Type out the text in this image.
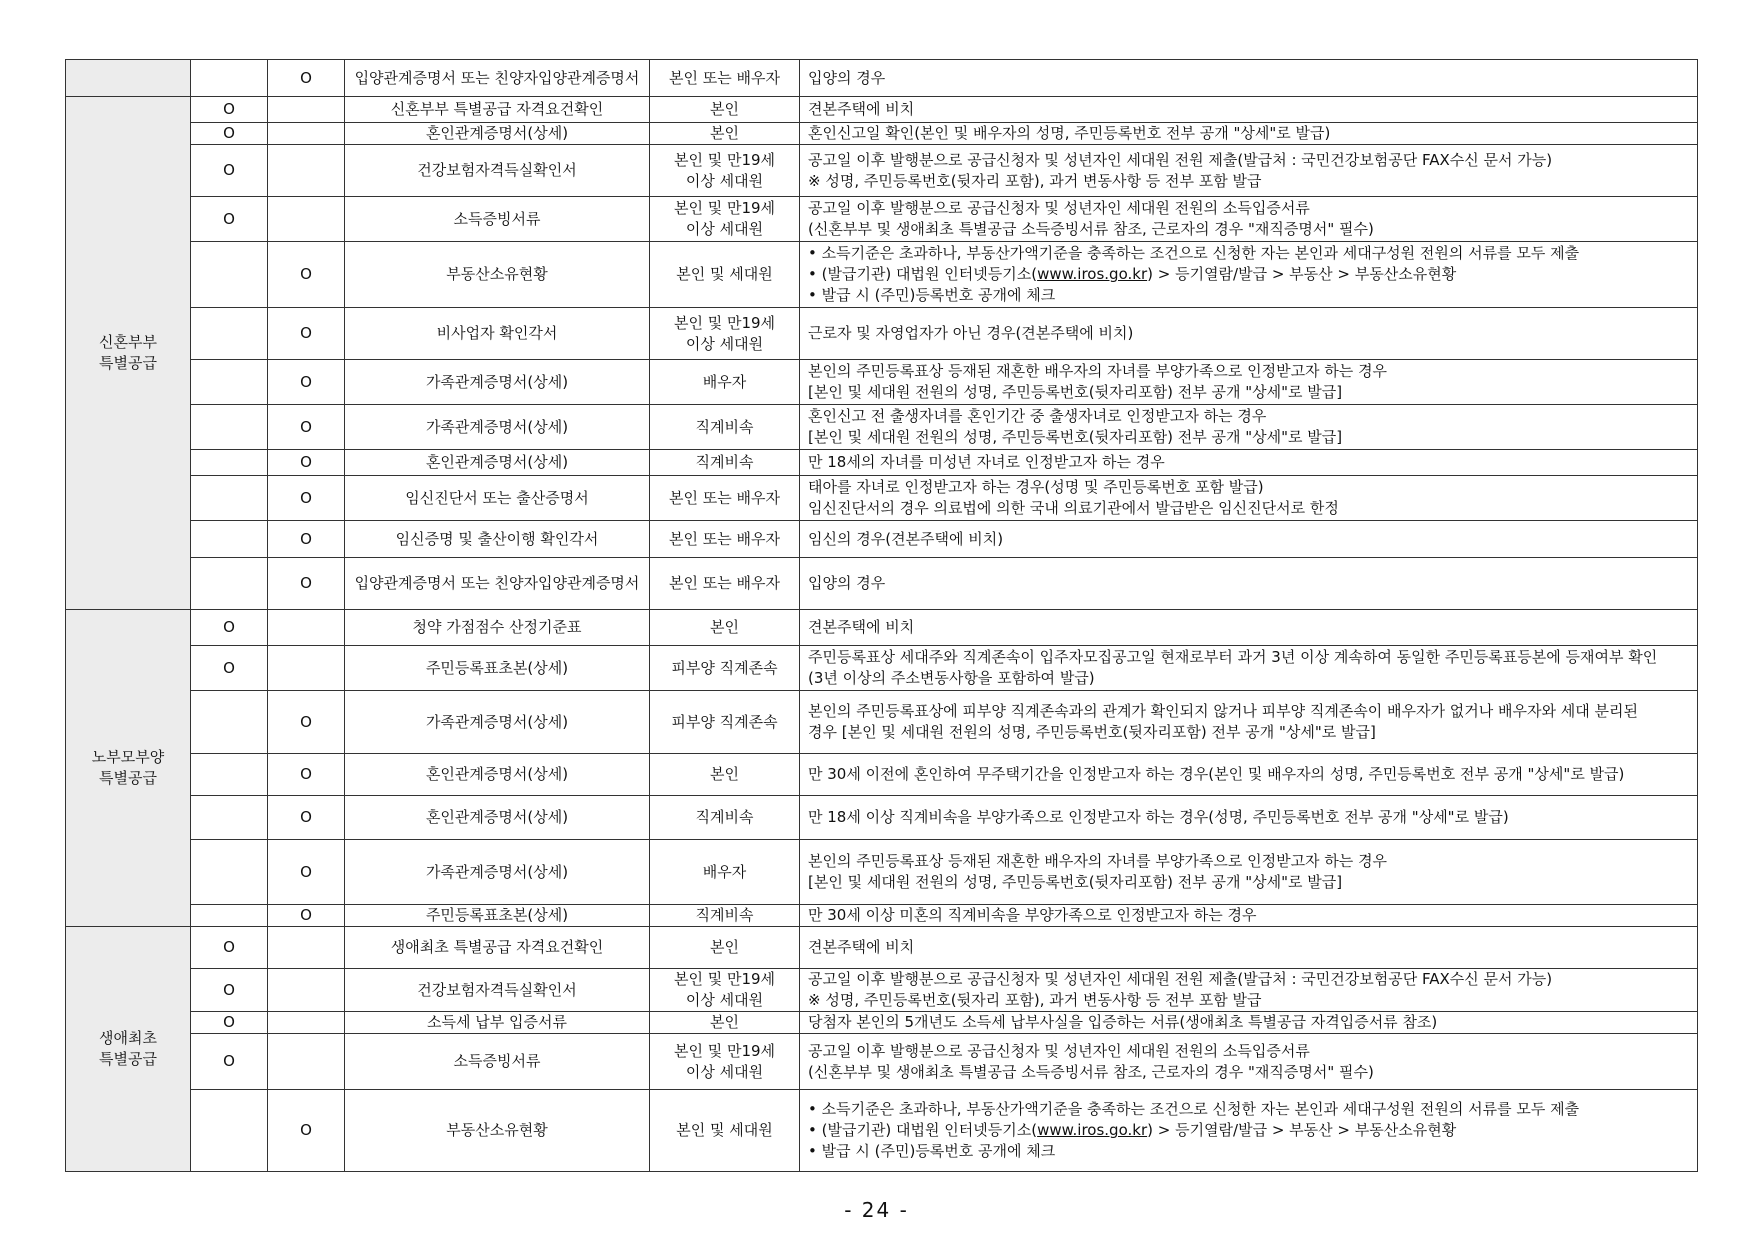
		O	입양관계증명서 또는 친양자입양관계증명서	본인 또는 배우자	입양의 경우

신혼부부
특별공급	O		신혼부부 특별공급 자격요건확인	본인	견본주택에 비치

	O		혼인관계증명서(상세)	본인	혼인신고일 확인(본인 및 배우자의 성명, 주민등록번호 전부 공개 "상세"로 발급)

	O		건강보험자격득실확인서	본인 및 만19세
이상 세대원	공고일 이후 발행분으로 공급신청자 및 성년자인 세대원 전원 제출(발급처 : 국민건강보험공단 FAX수신 문서 가능)
※ 성명, 주민등록번호(뒷자리 포함), 과거 변동사항 등 전부 포함 발급

	O		소득증빙서류	본인 및 만19세
이상 세대원	공고일 이후 발행분으로 공급신청자 및 성년자인 세대원 전원의 소득입증서류
(신혼부부 및 생애최초 특별공급 소득증빙서류 참조, 근로자의 경우 "재직증명서" 필수)

		O	부동산소유현황	본인 및 세대원	• 소득기준은 초과하나, 부동산가액기준을 충족하는 조건으로 신청한 자는 본인과 세대구성원 전원의 서류를 모두 제출
• (발급기관) 대법원 인터넷등기소(www.iros.go.kr) > 등기열람/발급 > 부동산 > 부동산소유현황
• 발급 시 (주민)등록번호 공개에 체크

		O	비사업자 확인각서	본인 및 만19세
이상 세대원	근로자 및 자영업자가 아닌 경우(견본주택에 비치)

		O	가족관계증명서(상세)	배우자	본인의 주민등록표상 등재된 재혼한 배우자의 자녀를 부양가족으로 인정받고자 하는 경우
[본인 및 세대원 전원의 성명, 주민등록번호(뒷자리포함) 전부 공개 "상세"로 발급]

		O	가족관계증명서(상세)	직계비속	혼인신고 전 출생자녀를 혼인기간 중 출생자녀로 인정받고자 하는 경우
[본인 및 세대원 전원의 성명, 주민등록번호(뒷자리포함) 전부 공개 "상세"로 발급]

		O	혼인관계증명서(상세)	직계비속	만 18세의 자녀를 미성년 자녀로 인정받고자 하는 경우

		O	임신진단서 또는 출산증명서	본인 또는 배우자	태아를 자녀로 인정받고자 하는 경우(성명 및 주민등록번호 포함 발급)
임신진단서의 경우 의료법에 의한 국내 의료기관에서 발급받은 임신진단서로 한정

		O	임신증명 및 출산이행 확인각서	본인 또는 배우자	임신의 경우(견본주택에 비치)

		O	입양관계증명서 또는 친양자입양관계증명서	본인 또는 배우자	입양의 경우

노부모부양
특별공급	O		청약 가점점수 산정기준표	본인	견본주택에 비치

	O		주민등록표초본(상세)	피부양 직계존속	주민등록표상 세대주와 직계존속이 입주자모집공고일 현재로부터 과거 3년 이상 계속하여 동일한 주민등록표등본에 등재여부 확인
(3년 이상의 주소변동사항을 포함하여 발급)

		O	가족관계증명서(상세)	피부양 직계존속	본인의 주민등록표상에 피부양 직계존속과의 관계가 확인되지 않거나 피부양 직계존속이 배우자가 없거나 배우자와 세대 분리된
경우 [본인 및 세대원 전원의 성명, 주민등록번호(뒷자리포함) 전부 공개 "상세"로 발급]

		O	혼인관계증명서(상세)	본인	만 30세 이전에 혼인하여 무주택기간을 인정받고자 하는 경우(본인 및 배우자의 성명, 주민등록번호 전부 공개 "상세"로 발급)

		O	혼인관계증명서(상세)	직계비속	만 18세 이상 직계비속을 부양가족으로 인정받고자 하는 경우(성명, 주민등록번호 전부 공개 "상세"로 발급)

		O	가족관계증명서(상세)	배우자	본인의 주민등록표상 등재된 재혼한 배우자의 자녀를 부양가족으로 인정받고자 하는 경우
[본인 및 세대원 전원의 성명, 주민등록번호(뒷자리포함) 전부 공개 "상세"로 발급]

		O	주민등록표초본(상세)	직계비속	만 30세 이상 미혼의 직계비속을 부양가족으로 인정받고자 하는 경우

생애최초
특별공급	O		생애최초 특별공급 자격요건확인	본인	견본주택에 비치

	O		건강보험자격득실확인서	본인 및 만19세
이상 세대원	공고일 이후 발행분으로 공급신청자 및 성년자인 세대원 전원 제출(발급처 : 국민건강보험공단 FAX수신 문서 가능)
※ 성명, 주민등록번호(뒷자리 포함), 과거 변동사항 등 전부 포함 발급

	O		소득세 납부 입증서류	본인	당첨자 본인의 5개년도 소득세 납부사실을 입증하는 서류(생애최초 특별공급 자격입증서류 참조)

	O		소득증빙서류	본인 및 만19세
이상 세대원	공고일 이후 발행분으로 공급신청자 및 성년자인 세대원 전원의 소득입증서류
(신혼부부 및 생애최초 특별공급 소득증빙서류 참조, 근로자의 경우 "재직증명서" 필수)

		O	부동산소유현황	본인 및 세대원	• 소득기준은 초과하나, 부동산가액기준을 충족하는 조건으로 신청한 자는 본인과 세대구성원 전원의 서류를 모두 제출
• (발급기관) 대법원 인터넷등기소(www.iros.go.kr) > 등기열람/발급 > 부동산 > 부동산소유현황
• 발급 시 (주민)등록번호 공개에 체크
- 24 -
